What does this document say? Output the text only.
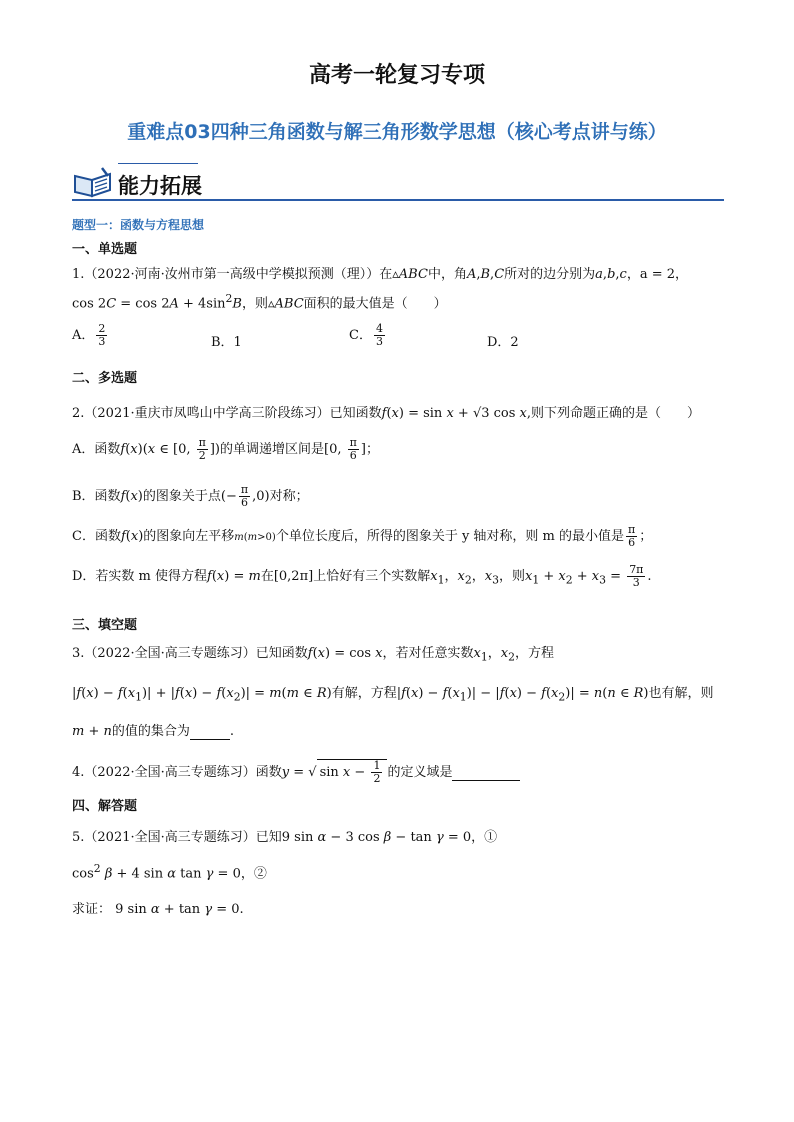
高考一轮复习专项
重难点03四种三角函数与解三角形数学思想（核心考点讲与练）
能力拓展
题型一：函数与方程思想
一、单选题
1.（2022·河南·汝州市第一高级中学模拟预测（理））在▵ABC中，角A,B,C所对的边分别为a,b,c，a = 2，
$\cos 2C = \cos 2A + 4\sin^2B$，则▵ABC面积的最大值是（　　）
A． $\frac{2}{3}$	B．1	C． $\frac{4}{3}$	D．2
二、多选题
2.（2021·重庆市凤鸣山中学高三阶段练习）已知函数f(x) = sin x + √3 cos x,则下列命题正确的是（　　）
A．函数f(x)(x ∈ [0, $\frac{\pi}{2}$ ])的单调递增区间是[0, $\frac{\pi}{6}$ ]；
B．函数f(x)的图象关于点(− $\frac{\pi}{6} ,0$)对称；
C．函数f(x)的图象向左平移m(m>0)个单位长度后，所得的图象关于 y 轴对称，则 m 的最小值是 $\frac{\pi}{6}$ ；
D．若实数 m 使得方程f(x) = m在[0,2π]上恰好有三个实数解$x_1$，$x_2$，$x_3$，则$x_1 + x_2 + x_3 = \frac{7\pi}{3}$ .
三、填空题
3.（2022·全国·高三专题练习）已知函数f(x) = cos x，若对任意实数$x_1$，$x_2$，方程
$|f(x) - f(x_1)| + |f(x) - f(x_2)| = m(m$ ∈ R)有解，方程$|f(x) - f(x_1)| - |f(x) - f(x_2)| = n(n$ ∈ R)也有解，则
m + n的值的集合为	.
4.（2022·全国·高三专题练习）函数y = √ $\sin x - \frac{1}{2}$ 的定义域是
四、解答题
5.（2021·全国·高三专题练习）已知9 sin α − 3 cos β − tan γ = 0，①
$\cos^2 \beta + 4$ sin α tan γ = 0，②
求证： 9 sin α + tan γ = 0.
